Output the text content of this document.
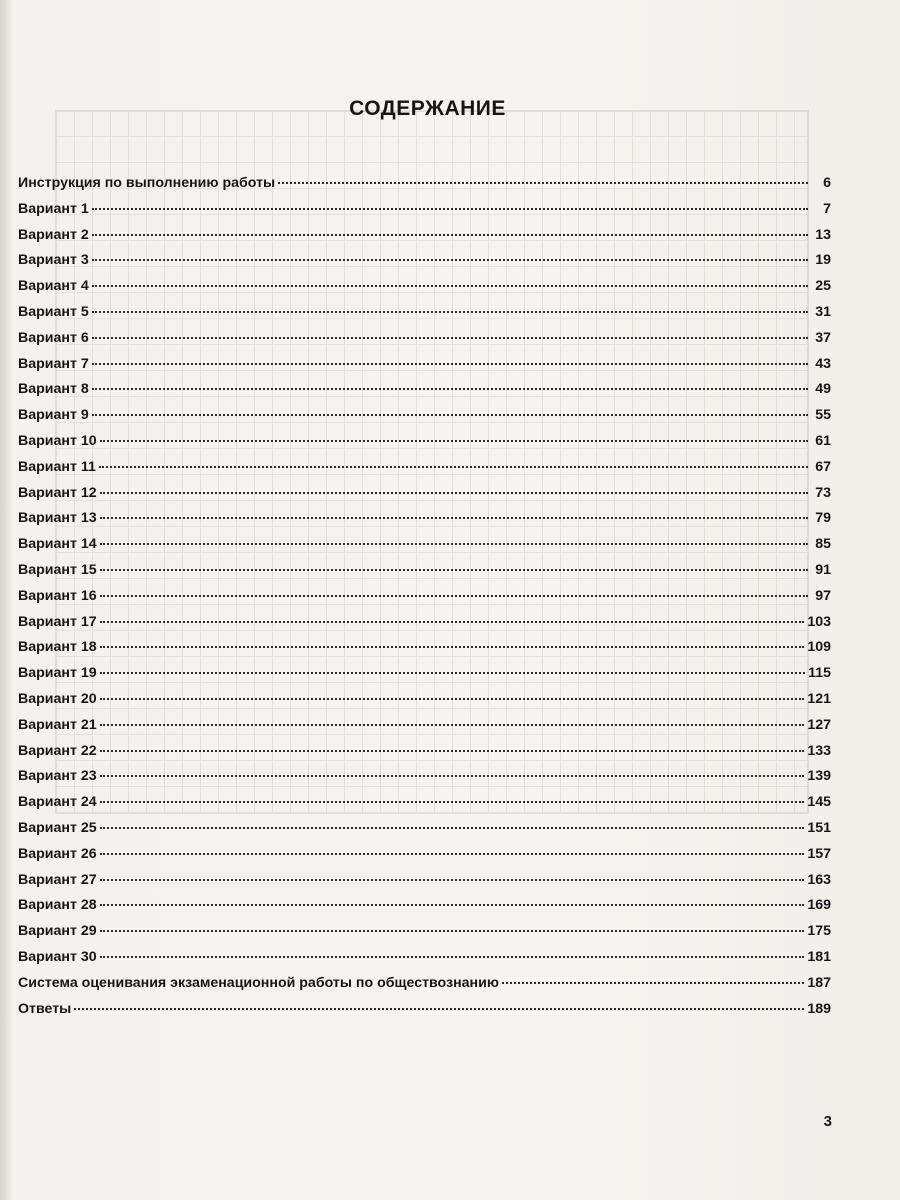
СОДЕРЖАНИЕ
Инструкция по выполнению работы	6
Вариант 1	7
Вариант 2	13
Вариант 3	19
Вариант 4	25
Вариант 5	31
Вариант 6	37
Вариант 7	43
Вариант 8	49
Вариант 9	55
Вариант 10	61
Вариант 11	67
Вариант 12	73
Вариант 13	79
Вариант 14	85
Вариант 15	91
Вариант 16	97
Вариант 17	103
Вариант 18	109
Вариант 19	115
Вариант 20	121
Вариант 21	127
Вариант 22	133
Вариант 23	139
Вариант 24	145
Вариант 25	151
Вариант 26	157
Вариант 27	163
Вариант 28	169
Вариант 29	175
Вариант 30	181
Система оценивания экзаменационной работы по обществознанию	187
Ответы	189
3
